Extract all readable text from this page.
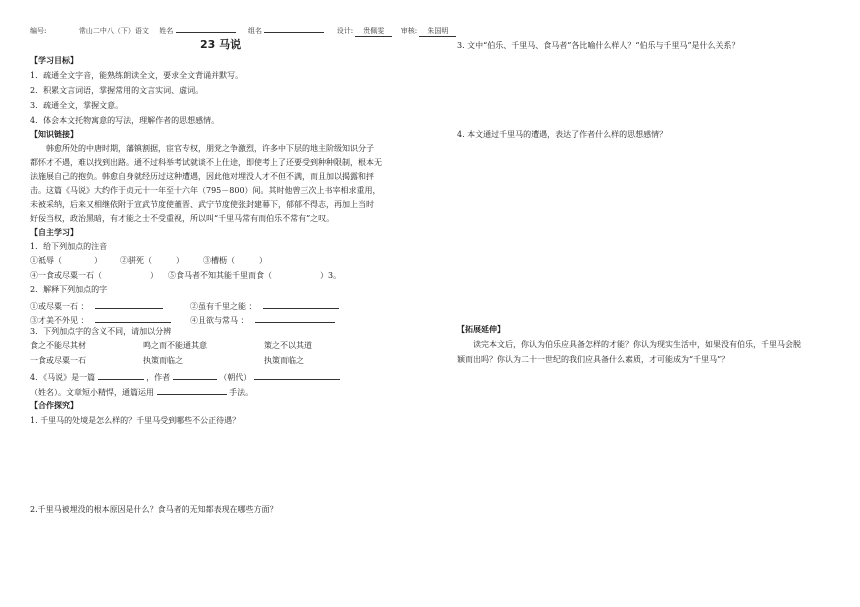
编号:	常山二中八（下）语文 姓名	组名	设计: 贵佩雯 审核: 朱国明
23 马说
【学习目标】
1．疏通全文字音，能熟练朗读全文，要求全文背诵并默写。
2．积累文言词语，掌握常用的文言实词、虚词。
3．疏通全文，掌握文意。
4．体会本文托物寓意的写法，理解作者的思想感情。
【知识链接】
韩愈所处的中唐时期，藩镇割据，宦官专权，朋党之争激烈，许多中下层的地主阶级知识分子
都怀才不遇，难以找到出路。通不过科举考试就谈不上仕途，即使考上了还要受到种种限制，根本无
法施展自己的抱负。韩愈自身就经历过这种遭遇，因此他对埋没人才不但不满，而且加以揭露和抨
击。这篇《马说》大约作于贞元十一年至十六年（795－800）间。其时他曾三次上书宰相求重用，
未被采纳，后来又相继依附于宣武节度使董晋、武宁节度使张封建幕下，郁郁不得志，再加上当时
好佞当权，政治黑暗，有才能之士不受重视，所以叫“千里马常有而伯乐不常有”之叹。
【自主学习】
1．给下列加点的注音
①祗辱（　　　　） ②骈死（　　　） ③槽枥（　　　）
④一食或尽粟一石（　　　　　　） ⑤食马者不知其能千里而食（　　　　　　）3。
2．解释下列加点的字
①或尽粟一石 ：	②虽有千里之能 ：
③才美不外见 ：	④且欲与常马 ：
3．下列加点字的含义不同，请加以分辨
食之不能尽其材	鸣之而不能通其意	策之不以其道
一食或尽粟一石	执策而临之	执策而临之
4．《马说》是一篇	，作者	（朝代）
（姓名）。文章短小精悍，通篇运用	手法。
【合作探究】
1. 千里马的处境是怎么样的？千里马受到哪些不公正待遇？
2.千里马被埋没的根本原因是什么？食马者的无知都表现在哪些方面？
3. 文中“伯乐、千里马、食马者”各比喻什么样人？“伯乐与千里马”是什么关系？
4. 本文通过千里马的遭遇，表达了作者什么样的思想感情？
【拓展延伸】
读完本文后，你认为伯乐应具备怎样的才能？你认为现实生活中，如果没有伯乐，千里马会脱
颖而出吗？你认为二十一世纪的我们应具备什么素质，才可能成为“千里马”？
